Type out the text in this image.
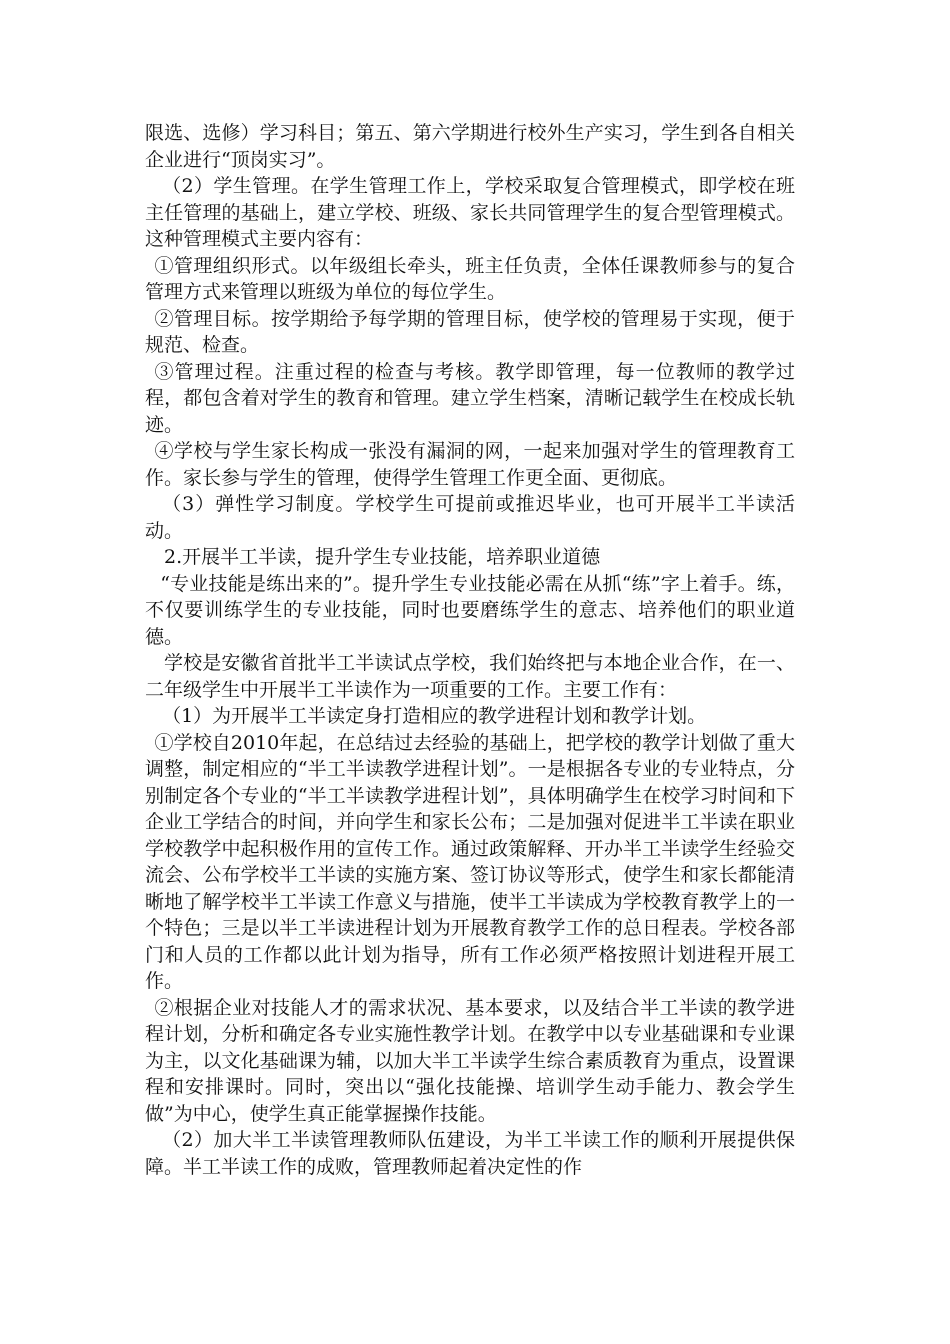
限选、选修）学习科目；第五、第六学期进行校外生产实习，学生到各自相关企业进行“顶岗实习”。

（2）学生管理。在学生管理工作上，学校采取复合管理模式，即学校在班主任管理的基础上，建立学校、班级、家长共同管理学生的复合型管理模式。这种管理模式主要内容有：

①管理组织形式。以年级组长牵头，班主任负责，全体任课教师参与的复合管理方式来管理以班级为单位的每位学生。

②管理目标。按学期给予每学期的管理目标，使学校的管理易于实现，便于规范、检查。

③管理过程。注重过程的检查与考核。教学即管理，每一位教师的教学过程，都包含着对学生的教育和管理。建立学生档案，清晰记载学生在校成长轨迹。

④学校与学生家长构成一张没有漏洞的网，一起来加强对学生的管理教育工作。家长参与学生的管理，使得学生管理工作更全面、更彻底。

（3）弹性学习制度。学校学生可提前或推迟毕业，也可开展半工半读活动。

2.开展半工半读，提升学生专业技能，培养职业道德

“专业技能是练出来的”。提升学生专业技能必需在从抓“练”字上着手。练，不仅要训练学生的专业技能，同时也要磨练学生的意志、培养他们的职业道德。

学校是安徽省首批半工半读试点学校，我们始终把与本地企业合作，在一、二年级学生中开展半工半读作为一项重要的工作。主要工作有：

（1）为开展半工半读定身打造相应的教学进程计划和教学计划。

①学校自2010年起，在总结过去经验的基础上，把学校的教学计划做了重大调整，制定相应的“半工半读教学进程计划”。一是根据各专业的专业特点，分别制定各个专业的“半工半读教学进程计划”，具体明确学生在校学习时间和下企业工学结合的时间，并向学生和家长公布；二是加强对促进半工半读在职业学校教学中起积极作用的宣传工作。通过政策解释、开办半工半读学生经验交流会、公布学校半工半读的实施方案、签订协议等形式，使学生和家长都能清晰地了解学校半工半读工作意义与措施，使半工半读成为学校教育教学上的一个特色；三是以半工半读进程计划为开展教育教学工作的总日程表。学校各部门和人员的工作都以此计划为指导，所有工作必须严格按照计划进程开展工作。

②根据企业对技能人才的需求状况、基本要求，以及结合半工半读的教学进程计划，分析和确定各专业实施性教学计划。在教学中以专业基础课和专业课为主，以文化基础课为辅，以加大半工半读学生综合素质教育为重点，设置课程和安排课时。同时，突出以“强化技能操、培训学生动手能力、教会学生做”为中心，使学生真正能掌握操作技能。

（2）加大半工半读管理教师队伍建设，为半工半读工作的顺利开展提供保障。半工半读工作的成败，管理教师起着决定性的作
